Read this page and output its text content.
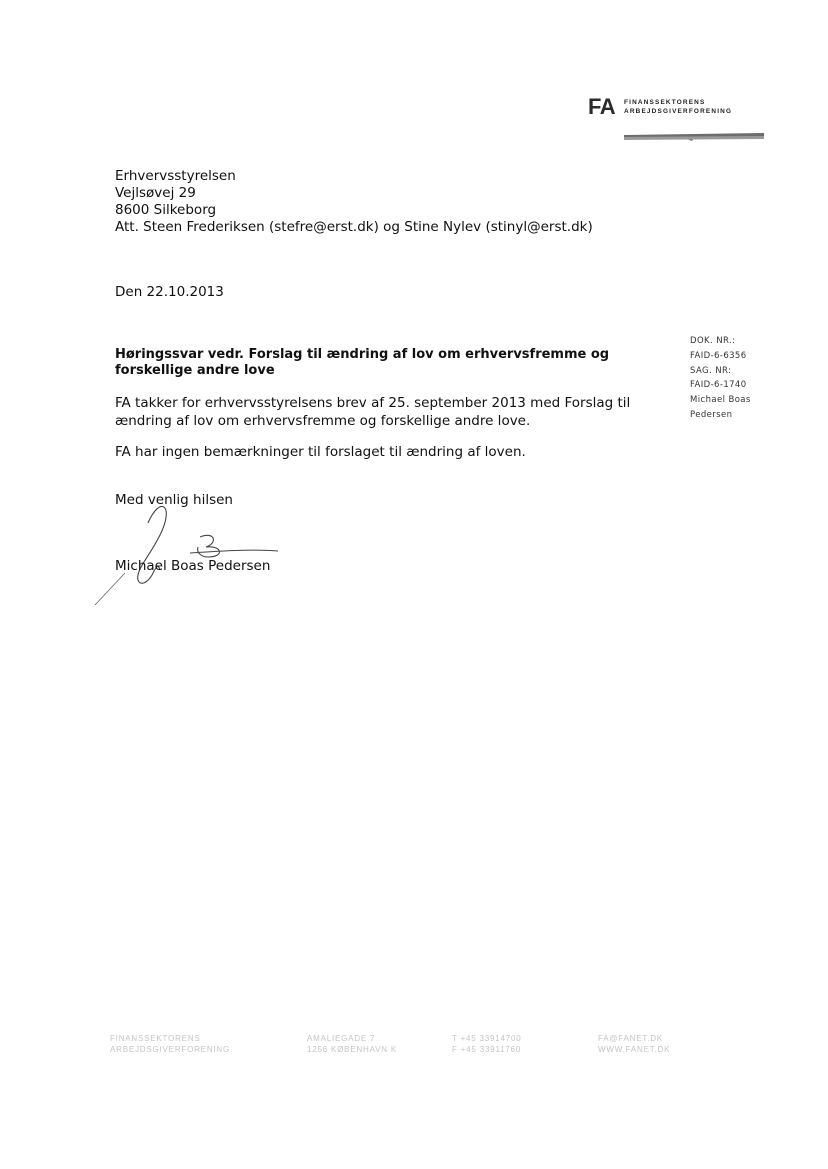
FA FINANSSEKTORENS
ARBEJDSGIVERFORENING
Erhvervsstyrelsen
Vejlsøvej 29
8600 Silkeborg
Att. Steen Frederiksen (stefre@erst.dk) og Stine Nylev (stinyl@erst.dk)
Den 22.10.2013
DOK. NR.:
FAID-6-6356
SAG. NR:
FAID-6-1740
Michael Boas
Pedersen
Høringssvar vedr. Forslag til ændring af lov om erhvervsfremme og
forskellige andre love
FA takker for erhvervsstyrelsens brev af 25. september 2013 med Forslag til
ændring af lov om erhvervsfremme og forskellige andre love.
FA har ingen bemærkninger til forslaget til ændring af loven.
Med venlig hilsen
Michael Boas Pedersen
FINANSSEKTORENS
ARBEJDSGIVERFORENING
AMALIEGADE 7
1256 KØBENHAVN K
T +45 33914700
F +45 33911760
FA@FANET.DK
WWW.FANET.DK
